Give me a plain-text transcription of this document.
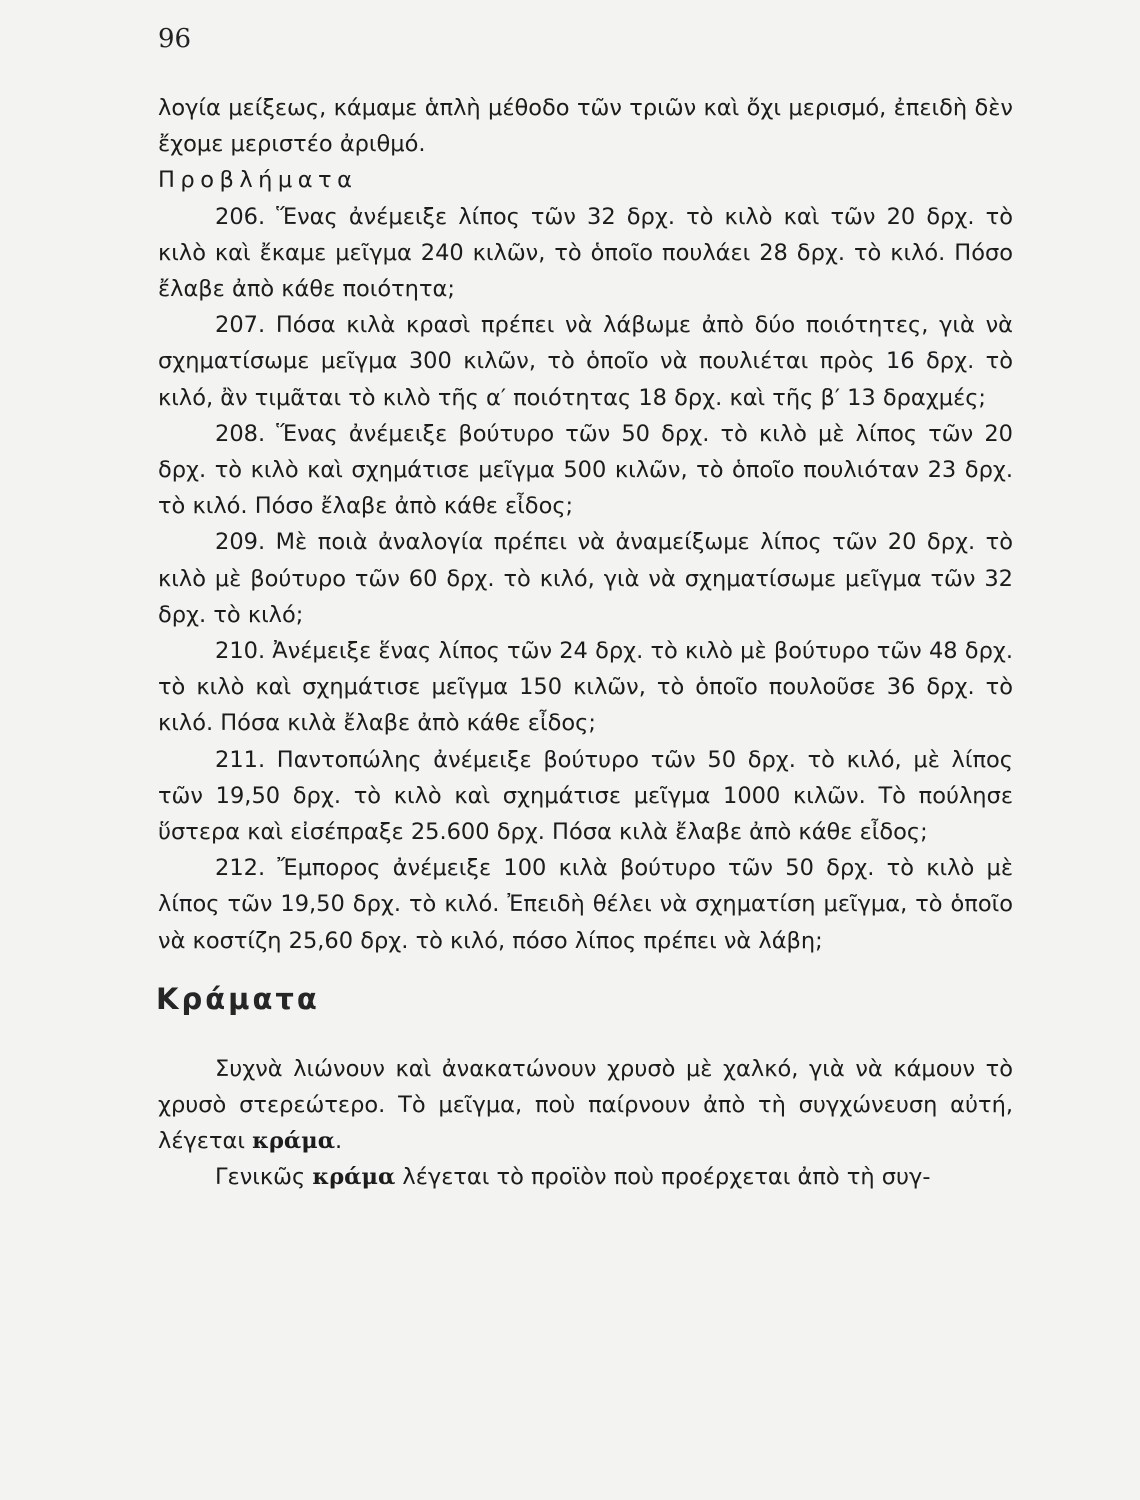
96

λογία μείξεως, κάμαμε ἁπλὴ μέθοδο τῶν τριῶν καὶ ὄχι μερισμό, ἐπειδὴ δὲν ἔχομε μεριστέο ἀριθμό.

Προβλήματα

206. Ἕνας ἀνέμειξε λίπος τῶν 32 δρχ. τὸ κιλὸ καὶ τῶν 20 δρχ. τὸ κιλὸ καὶ ἔκαμε μεῖγμα 240 κιλῶν, τὸ ὁποῖο πουλάει 28 δρχ. τὸ κιλό. Πόσο ἔλαβε ἀπὸ κάθε ποιότητα;

207. Πόσα κιλὰ κρασὶ πρέπει νὰ λάβωμε ἀπὸ δύο ποιότητες, γιὰ νὰ σχηματίσωμε μεῖγμα 300 κιλῶν, τὸ ὁποῖο νὰ πουλιέται πρὸς 16 δρχ. τὸ κιλό, ἂν τιμᾶται τὸ κιλὸ τῆς α′ ποιότητας 18 δρχ. καὶ τῆς β′ 13 δραχμές;

208. Ἕνας ἀνέμειξε βούτυρο τῶν 50 δρχ. τὸ κιλὸ μὲ λίπος τῶν 20 δρχ. τὸ κιλὸ καὶ σχημάτισε μεῖγμα 500 κιλῶν, τὸ ὁποῖο πουλιόταν 23 δρχ. τὸ κιλό. Πόσο ἔλαβε ἀπὸ κάθε εἶδος;

209. Μὲ ποιὰ ἀναλογία πρέπει νὰ ἀναμείξωμε λίπος τῶν 20 δρχ. τὸ κιλὸ μὲ βούτυρο τῶν 60 δρχ. τὸ κιλό, γιὰ νὰ σχηματίσωμε μεῖγμα τῶν 32 δρχ. τὸ κιλό;

210. Ἀνέμειξε ἕνας λίπος τῶν 24 δρχ. τὸ κιλὸ μὲ βούτυρο τῶν 48 δρχ. τὸ κιλὸ καὶ σχημάτισε μεῖγμα 150 κιλῶν, τὸ ὁποῖο πουλοῦσε 36 δρχ. τὸ κιλό. Πόσα κιλὰ ἔλαβε ἀπὸ κάθε εἶδος;

211. Παντοπώλης ἀνέμειξε βούτυρο τῶν 50 δρχ. τὸ κιλό, μὲ λίπος τῶν 19,50 δρχ. τὸ κιλὸ καὶ σχημάτισε μεῖγμα 1000 κιλῶν. Τὸ πούλησε ὕστερα καὶ εἰσέπραξε 25.600 δρχ. Πόσα κιλὰ ἔλαβε ἀπὸ κάθε εἶδος;

212. Ἔμπορος ἀνέμειξε 100 κιλὰ βούτυρο τῶν 50 δρχ. τὸ κιλὸ μὲ λίπος τῶν 19,50 δρχ. τὸ κιλό. Ἐπειδὴ θέλει νὰ σχηματίση μεῖγμα, τὸ ὁποῖο νὰ κοστίζη 25,60 δρχ. τὸ κιλό, πόσο λίπος πρέπει νὰ λάβη;

Κράματα

Συχνὰ λιώνουν καὶ ἀνακατώνουν χρυσὸ μὲ χαλκό, γιὰ νὰ κάμουν τὸ χρυσὸ στερεώτερο. Τὸ μεῖγμα, ποὺ παίρνουν ἀπὸ τὴ συγχώνευση αὐτή, λέγεται κράμα.

Γενικῶς κράμα λέγεται τὸ προϊὸν ποὺ προέρχεται ἀπὸ τὴ συγ-
